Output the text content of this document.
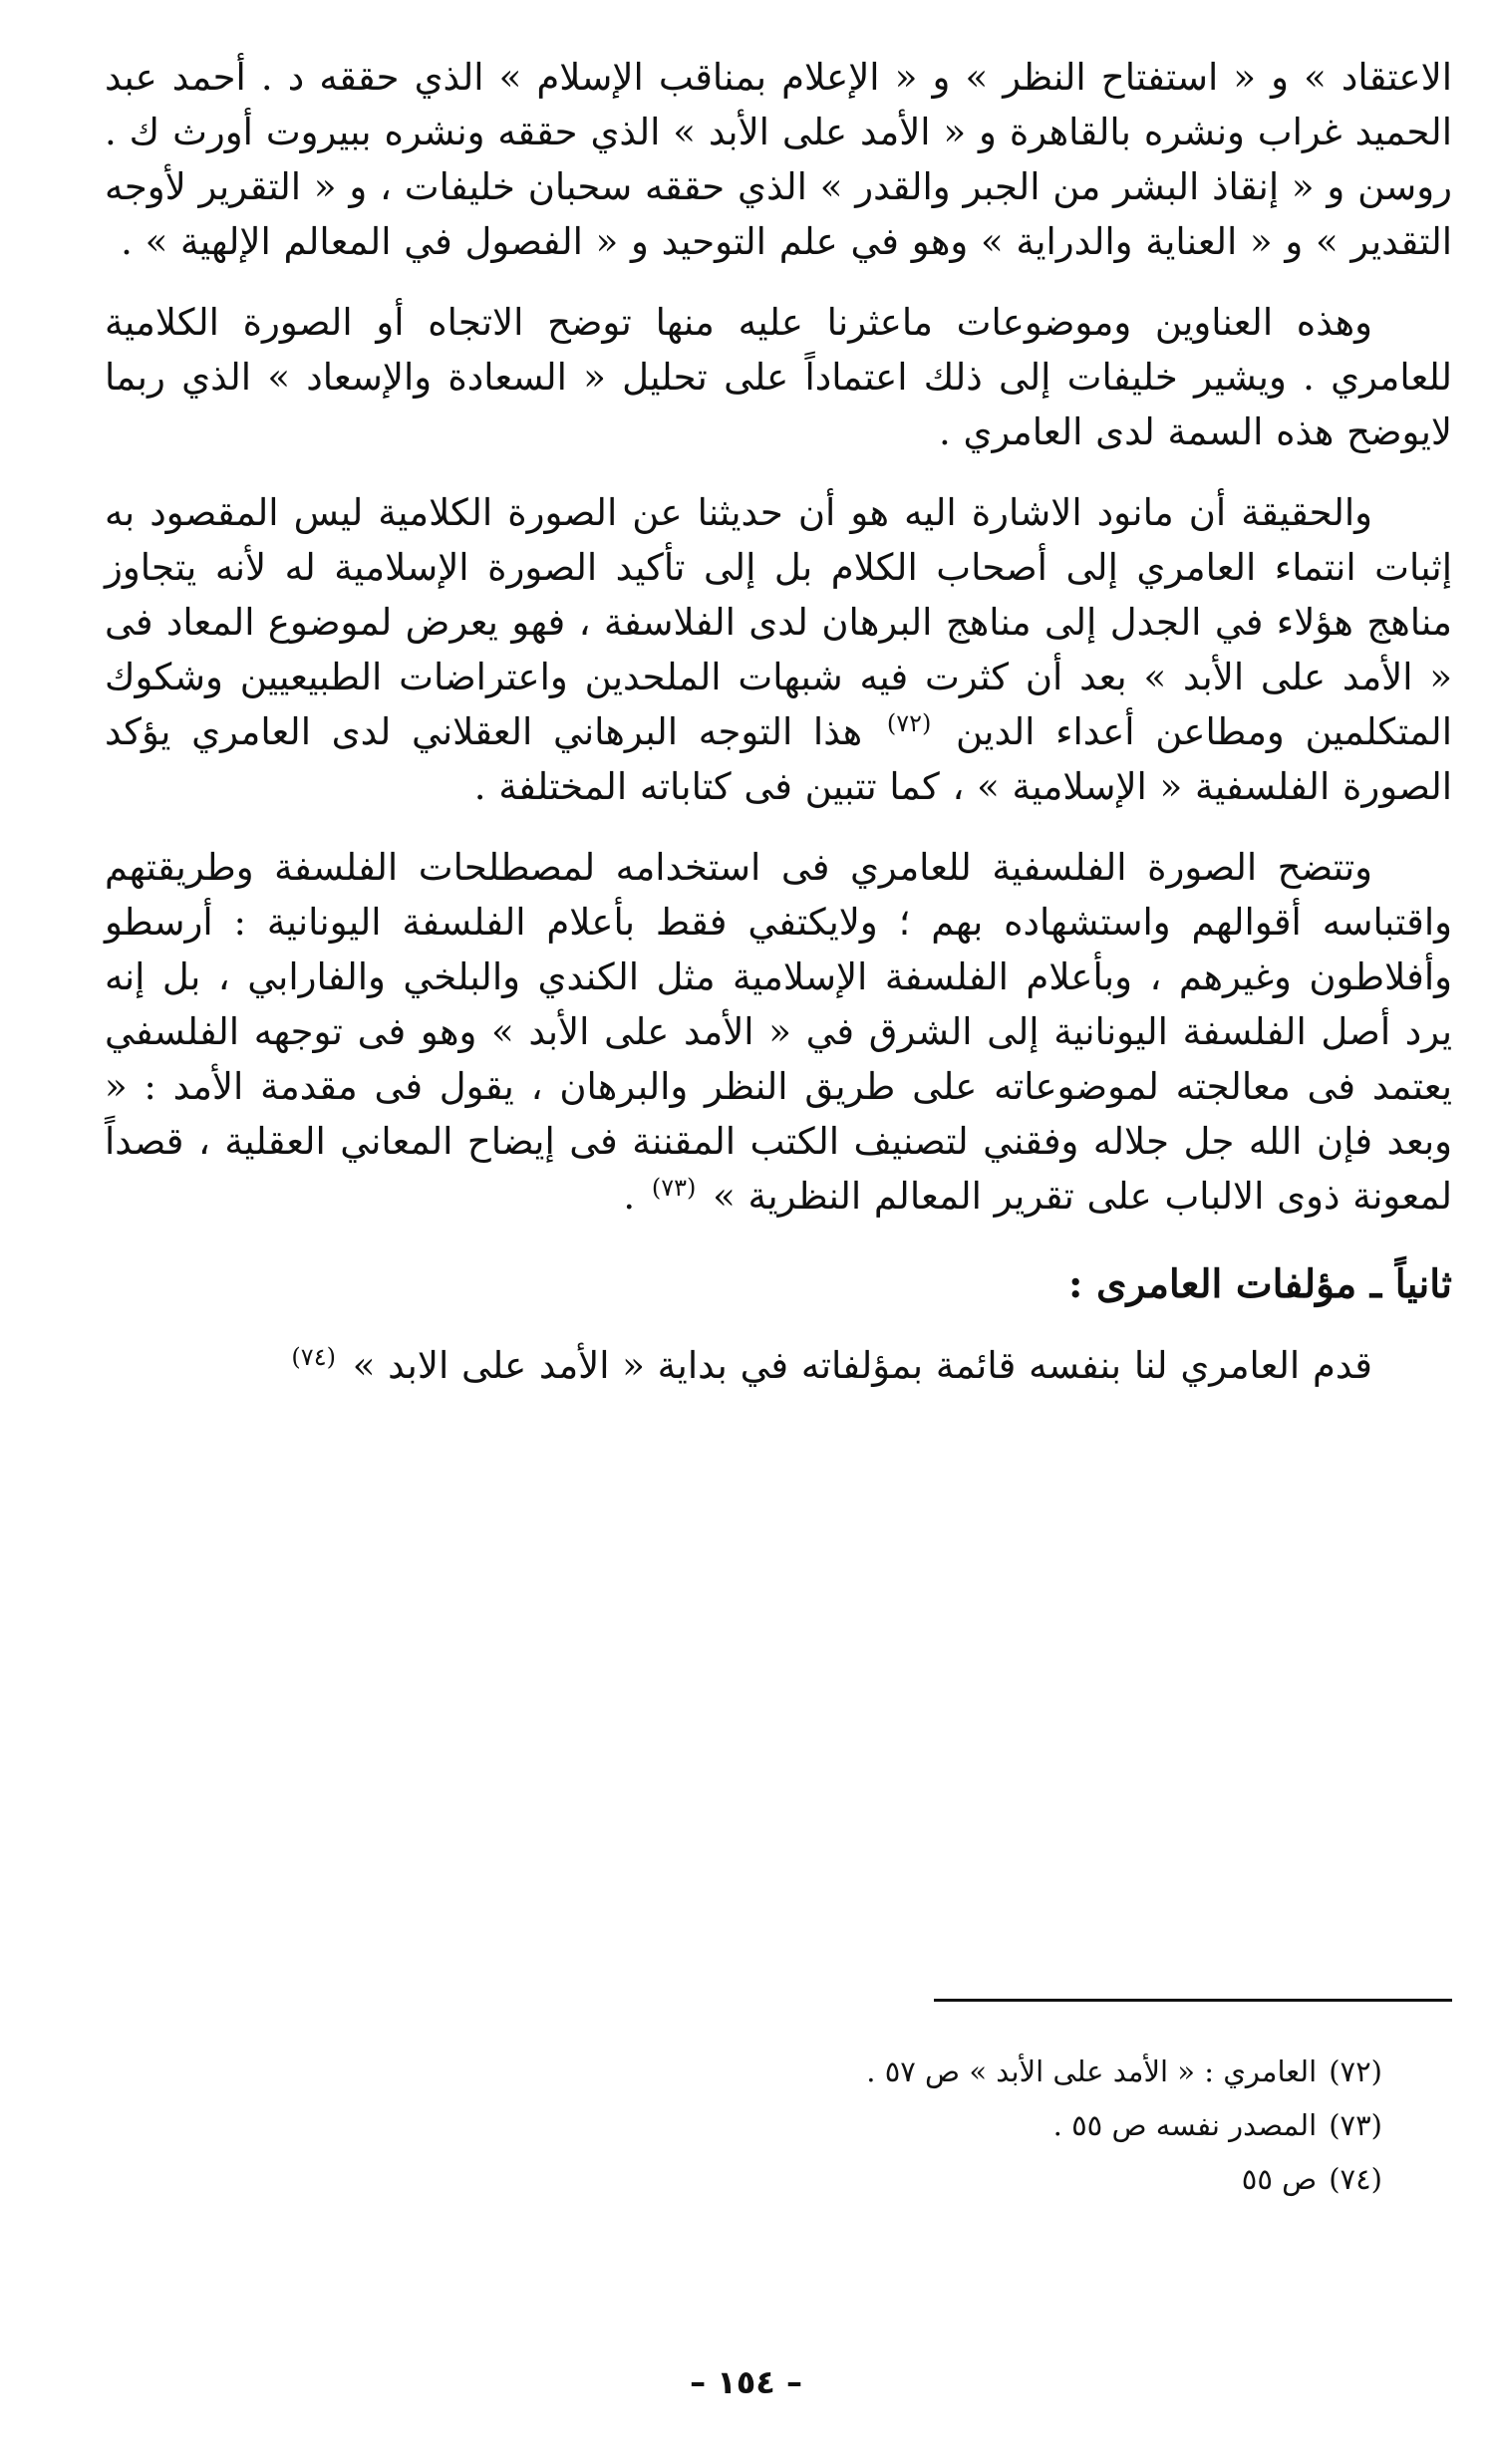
الاعتقاد » و « استفتاح النظر » و « الإعلام بمناقب الإسلام » الذي حققه د . أحمد عبد الحميد غراب ونشره بالقاهرة و « الأمد على الأبد » الذي حققه ونشره ببيروت أورث ك . روسن و « إنقاذ البشر من الجبر والقدر » الذي حققه سحبان خليفات ، و « التقرير لأوجه التقدير » و « العناية والدراية » وهو في علم التوحيد و « الفصول في المعالم الإلهية » .

وهذه العناوين وموضوعات ماعثرنا عليه منها توضح الاتجاه أو الصورة الكلامية للعامري . ويشير خليفات إلى ذلك اعتماداً على تحليل « السعادة والإسعاد » الذي ربما لايوضح هذه السمة لدى العامري .

والحقيقة أن مانود الاشارة اليه هو أن حديثنا عن الصورة الكلامية ليس المقصود به إثبات انتماء العامري إلى أصحاب الكلام بل إلى تأكيد الصورة الإسلامية له لأنه يتجاوز مناهج هؤلاء في الجدل إلى مناهج البرهان لدى الفلاسفة ، فهو يعرض لموضوع المعاد فى « الأمد على الأبد » بعد أن كثرت فيه شبهات الملحدين واعتراضات الطبيعيين وشكوك المتكلمين ومطاعن أعداء الدين $^{(٧٢)}$ هذا التوجه البرهاني العقلاني لدى العامري يؤكد الصورة الفلسفية « الإسلامية » ، كما تتبين فى كتاباته المختلفة .

وتتضح الصورة الفلسفية للعامري فى استخدامه لمصطلحات الفلسفة وطريقتهم واقتباسه أقوالهم واستشهاده بهم ؛ ولايكتفي فقط بأعلام الفلسفة اليونانية : أرسطو وأفلاطون وغيرهم ، وبأعلام الفلسفة الإسلامية مثل الكندي والبلخي والفارابي ، بل إنه يرد أصل الفلسفة اليونانية إلى الشرق في « الأمد على الأبد » وهو فى توجهه الفلسفي يعتمد فى معالجته لموضوعاته على طريق النظر والبرهان ، يقول فى مقدمة الأمد : « وبعد فإن الله جل جلاله وفقني لتصنيف الكتب المقننة فى إيضاح المعاني العقلية ، قصداً لمعونة ذوى الالباب على تقرير المعالم النظرية » $^{(٧٣)}$ .

ثانياً ـ مؤلفات العامرى :

قدم العامري لنا بنفسه قائمة بمؤلفاته في بداية « الأمد على الابد » $^{(٧٤)}$

(٧٢)العامري : « الأمد على الأبد » ص ٥٧ .
(٧٣)المصدر نفسه ص ٥٥ .
(٧٤)ص ٥٥
– ١٥٤ –
